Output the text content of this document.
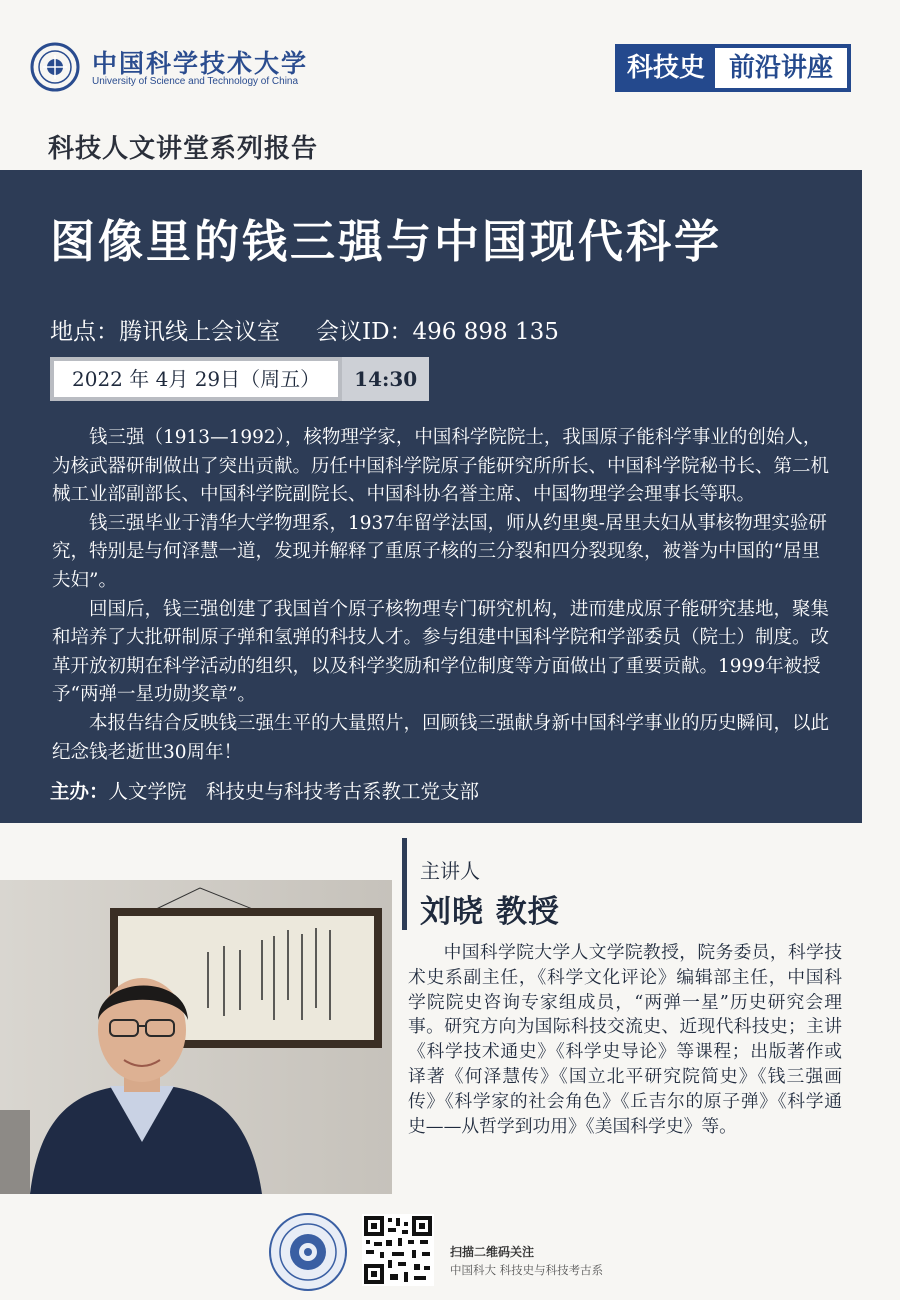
中国科学技术大学
University of Science and Technology of China	科技史 前沿讲座
科技人文讲堂系列报告
图像里的钱三强与中国现代科学
地点：腾讯线上会议室 会议ID：496 898 135
2022 年 4月 29日（周五）	14:30

钱三强（1913—1992），核物理学家，中国科学院院士，我国原子能科学事业的创始人，为核武器研制做出了突出贡献。历任中国科学院原子能研究所所长、中国科学院秘书长、第二机械工业部副部长、中国科学院副院长、中国科协名誉主席、中国物理学会理事长等职。

钱三强毕业于清华大学物理系，1937年留学法国，师从约里奥-居里夫妇从事核物理实验研究，特别是与何泽慧一道，发现并解释了重原子核的三分裂和四分裂现象，被誉为中国的“居里夫妇”。

回国后，钱三强创建了我国首个原子核物理专门研究机构，进而建成原子能研究基地，聚集和培养了大批研制原子弹和氢弹的科技人才。参与组建中国科学院和学部委员（院士）制度。改革开放初期在科学活动的组织，以及科学奖励和学位制度等方面做出了重要贡献。1999年被授予“两弹一星功勋奖章”。

本报告结合反映钱三强生平的大量照片，回顾钱三强献身新中国科学事业的历史瞬间，以此纪念钱老逝世30周年！

主办：人文学院　科技史与科技考古系教工党支部
主讲人
刘晓 教授

中国科学院大学人文学院教授，院务委员，科学技术史系副主任，《科学文化评论》编辑部主任，中国科学院院史咨询专家组成员，“两弹一星”历史研究会理事。研究方向为国际科技交流史、近现代科技史；主讲《科学技术通史》《科学史导论》等课程；出版著作或译著《何泽慧传》《国立北平研究院简史》《钱三强画传》《科学家的社会角色》《丘吉尔的原子弹》《科学通史——从哲学到功用》《美国科学史》等。

扫描二维码关注
中国科大 科技史与科技考古系
